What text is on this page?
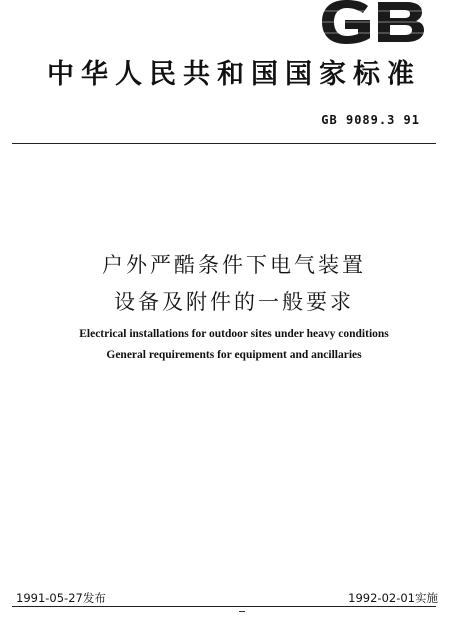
中华人民共和国国家标准
GB 9089.3 91
户外严酷条件下电气装置
设备及附件的一般要求
Electrical installations for outdoor sites under heavy conditions
General requirements for equipment and ancillaries
1991-05-27发布	1992-02-01实施
